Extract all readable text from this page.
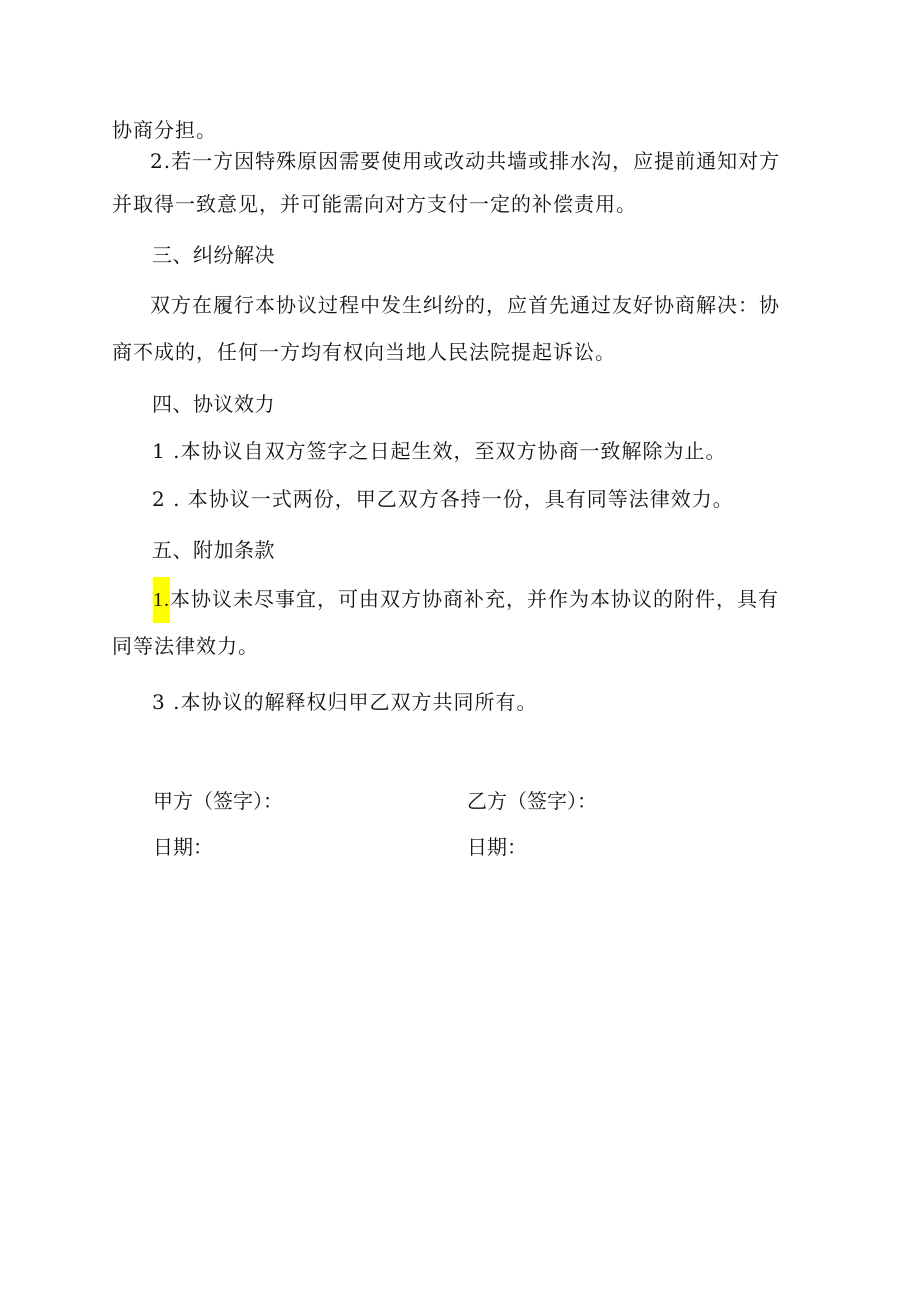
协商分担。
2.若一方因特殊原因需要使用或改动共墙或排水沟，应提前通知对方
并取得一致意见，并可能需向对方支付一定的补偿责用。
三、纠纷解决
双方在履行本协议过程中发生纠纷的，应首先通过友好协商解决：协
商不成的，任何一方均有权向当地人民法院提起诉讼。
四、协议效力
1 .本协议自双方签字之日起生效，至双方协商一致解除为止。
2 . 本协议一式两份，甲乙双方各持一份，具有同等法律效力。
五、附加条款
1.本协议未尽事宜，可由双方协商补充，并作为本协议的附件，具有
同等法律效力。
3 .本协议的解释权归甲乙双方共同所有。
甲方（签字）：	乙方（签字）：
日期：	日期：
